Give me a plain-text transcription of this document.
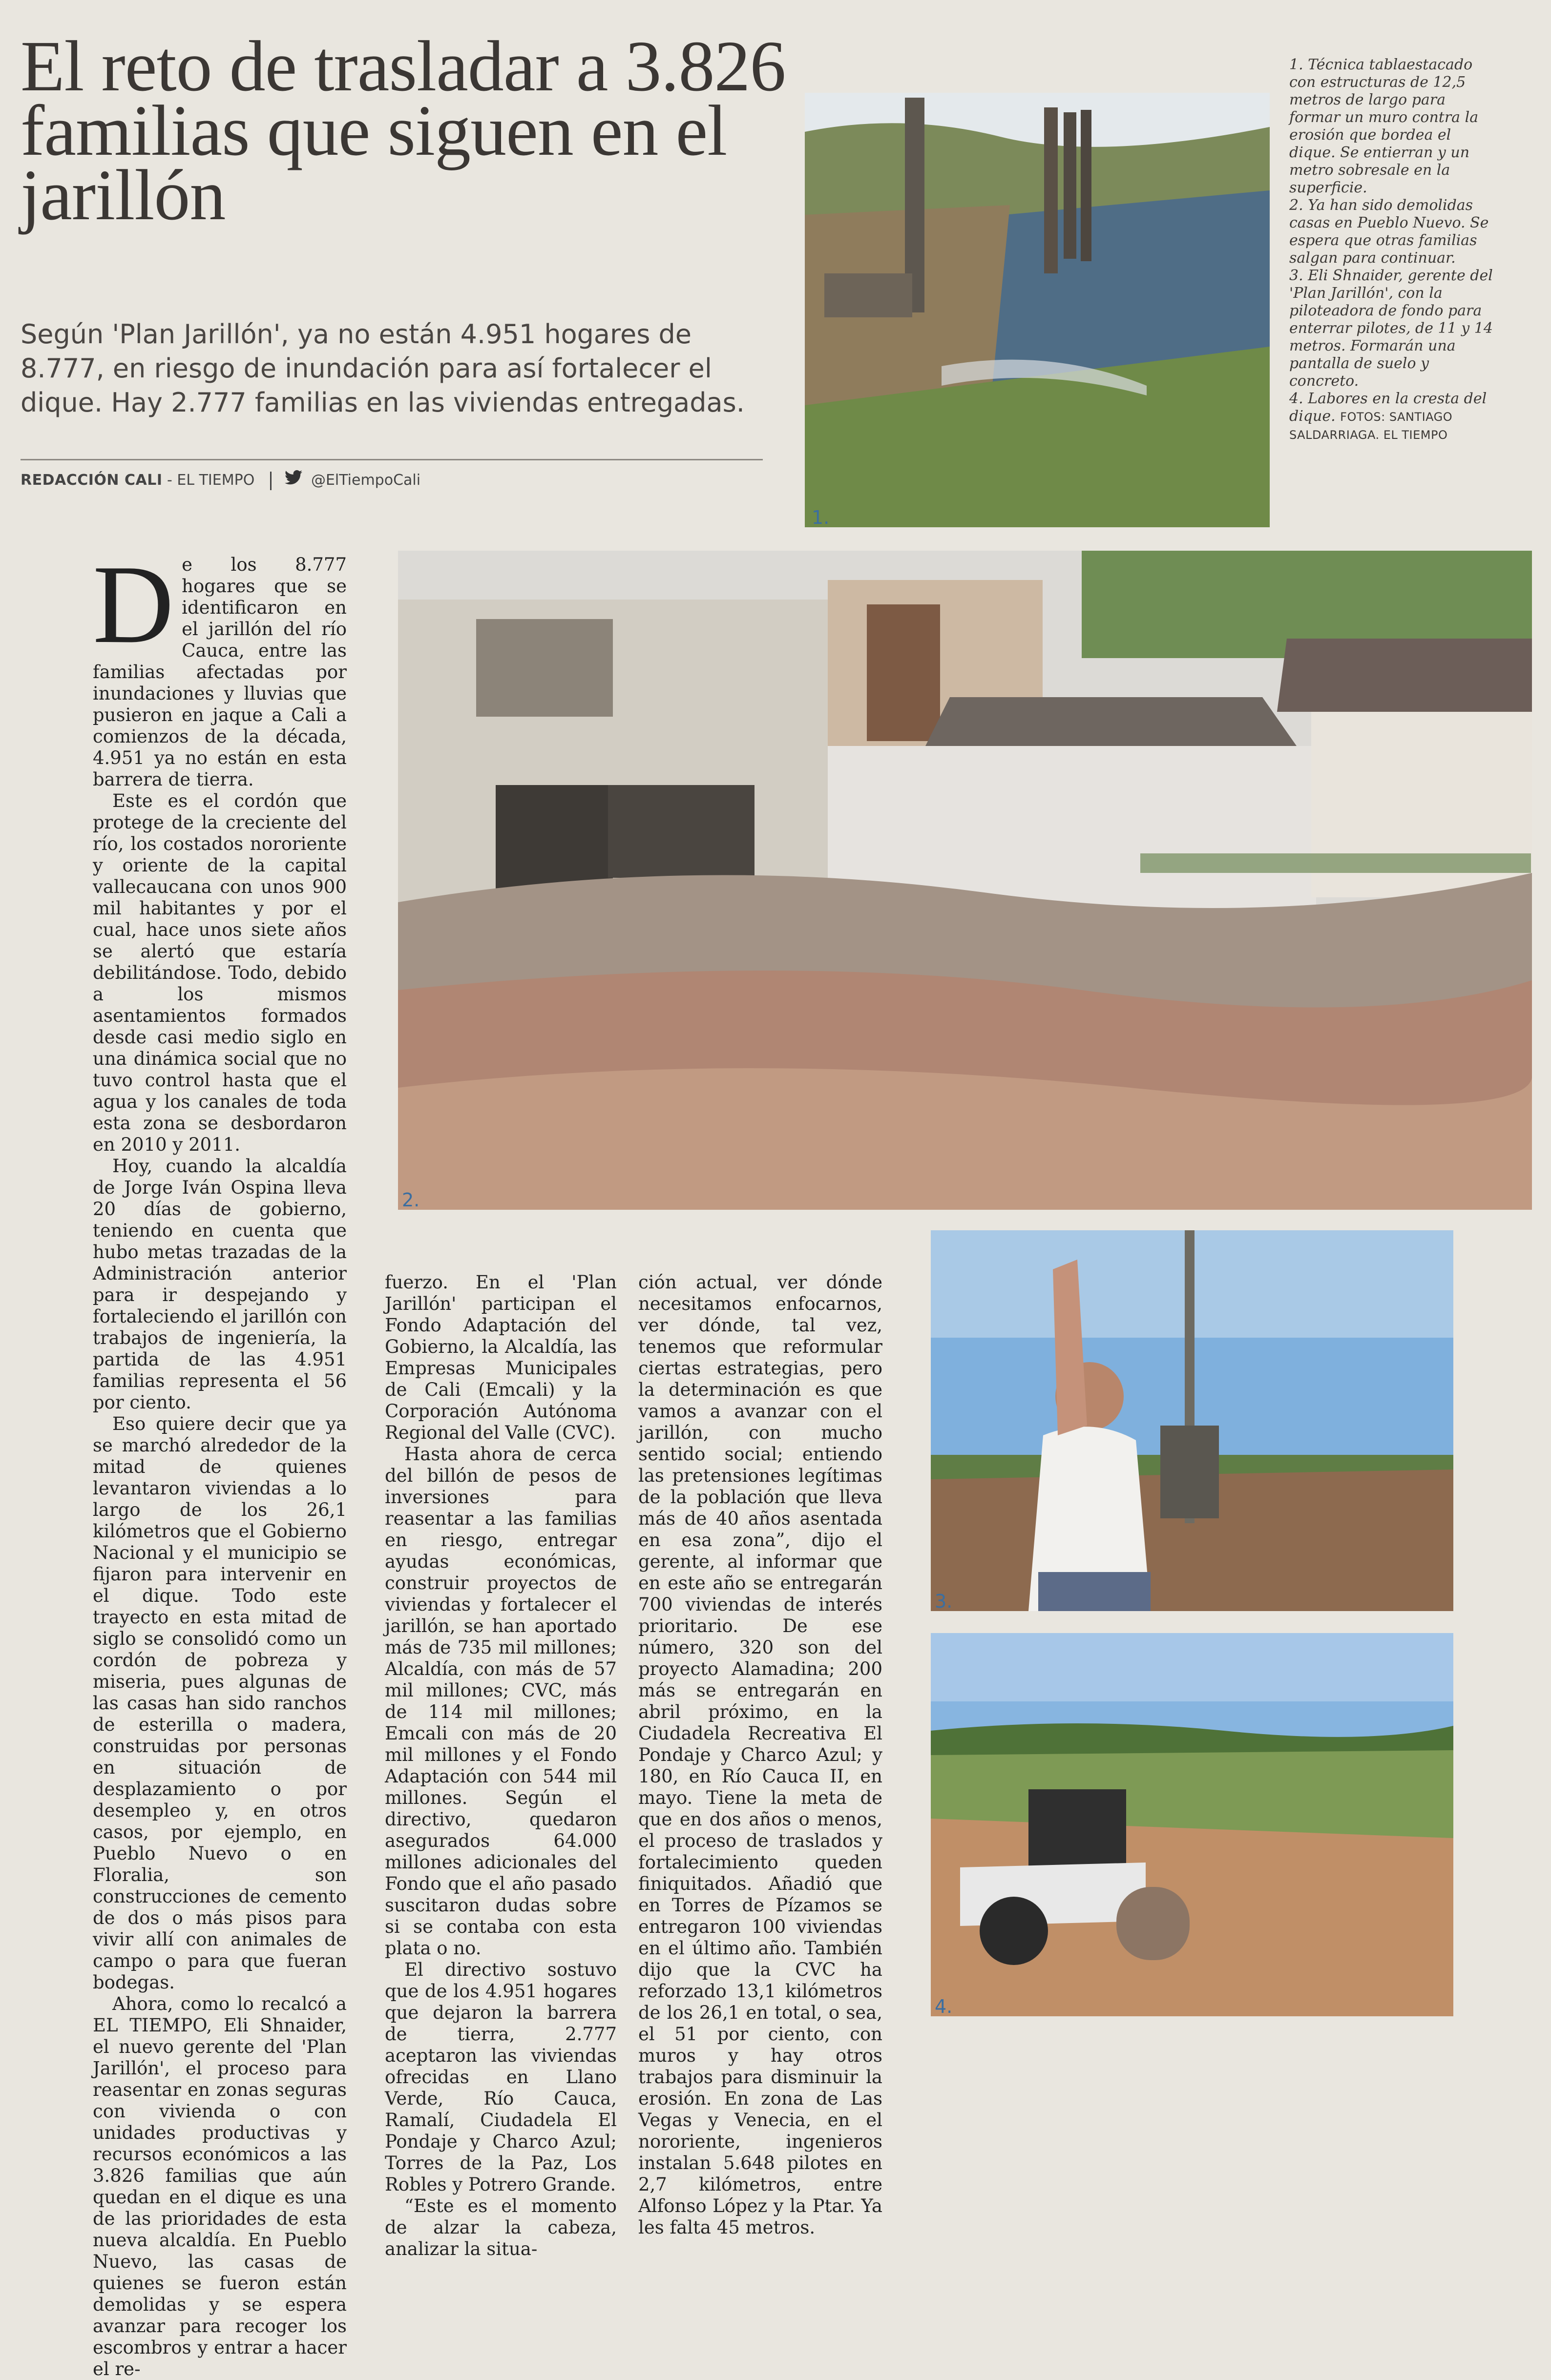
El reto de trasladar a 3.826 familias que siguen en el jarillón
Según 'Plan Jarillón', ya no están 4.951 hogares de 8.777, en riesgo de inundación para así fortalecer el dique. Hay 2.777 familias en las viviendas entregadas.
REDACCIÓN CALI - EL TIEMPO	@ElTiempoCali
1.

1. Técnica tablaestacado con estructuras de 12,5 metros de largo para formar un muro contra la erosión que bordea el dique. Se entierran y un metro sobresale en la superficie.

2. Ya han sido demolidas casas en Pueblo Nuevo. Se espera que otras familias salgan para continuar.

3. Eli Shnaider, gerente del 'Plan Jarillón', con la piloteadora de fondo para enterrar pilotes, de 11 y 14 metros. Formarán una pantalla de suelo y concreto.

4. Labores en la cresta del dique. FOTOS: SANTIAGO SALDARRIAGA. EL TIEMPO

2.
3.
4.

De los 8.777 hogares que se identificaron en el jarillón del río Cauca, entre las familias afectadas por inundaciones y lluvias que pusieron en jaque a Cali a comienzos de la década, 4.951 ya no están en esta barrera de tierra.

Este es el cordón que protege de la creciente del río, los costados nororiente y oriente de la capital vallecaucana con unos 900 mil habitantes y por el cual, hace unos siete años se alertó que estaría debilitándose. Todo, debido a los mismos asentamientos formados desde casi medio siglo en una dinámica social que no tuvo control hasta que el agua y los canales de toda esta zona se desbordaron en 2010 y 2011.

Hoy, cuando la alcaldía de Jorge Iván Ospina lleva 20 días de gobierno, teniendo en cuenta que hubo metas trazadas de la Administración anterior para ir despejando y fortaleciendo el jarillón con trabajos de ingeniería, la partida de las 4.951 familias representa el 56 por ciento.

Eso quiere decir que ya se marchó alrededor de la mitad de quienes levantaron viviendas a lo largo de los 26,1 kilómetros que el Gobierno Nacional y el municipio se fijaron para intervenir en el dique. Todo este trayecto en esta mitad de siglo se consolidó como un cordón de pobreza y miseria, pues algunas de las casas han sido ranchos de esterilla o madera, construidas por personas en situación de desplazamiento o por desempleo y, en otros casos, por ejemplo, en Pueblo Nuevo o en Floralia, son construcciones de cemento de dos o más pisos para vivir allí con animales de campo o para que fueran bodegas.

Ahora, como lo recalcó a EL TIEMPO, Eli Shnaider, el nuevo gerente del 'Plan Jarillón', el proceso para reasentar en zonas seguras con vivienda o con unidades productivas y recursos económicos a las 3.826 familias que aún quedan en el dique es una de las prioridades de esta nueva alcaldía. En Pueblo Nuevo, las casas de quienes se fueron están demolidas y se espera avanzar para recoger los escombros y entrar a hacer el re-

fuerzo. En el 'Plan Jarillón' participan el Fondo Adaptación del Gobierno, la Alcaldía, las Empresas Municipales de Cali (Emcali) y la Corporación Autónoma Regional del Valle (CVC).

Hasta ahora de cerca del billón de pesos de inversiones para reasentar a las familias en riesgo, entregar ayudas económicas, construir proyectos de viviendas y fortalecer el jarillón, se han aportado más de 735 mil millones; Alcaldía, con más de 57 mil millones; CVC, más de 114 mil millones; Emcali con más de 20 mil millones y el Fondo Adaptación con 544 mil millones. Según el directivo, quedaron asegurados 64.000 millones adicionales del Fondo que el año pasado suscitaron dudas sobre si se contaba con esta plata o no.

El directivo sostuvo que de los 4.951 hogares que dejaron la barrera de tierra, 2.777 aceptaron las viviendas ofrecidas en Llano Verde, Río Cauca, Ramalí, Ciudadela El Pondaje y Charco Azul; Torres de la Paz, Los Robles y Potrero Grande.

“Este es el momento de alzar la cabeza, analizar la situa-

ción actual, ver dónde necesitamos enfocarnos, ver dónde, tal vez, tenemos que reformular ciertas estrategias, pero la determinación es que vamos a avanzar con el jarillón, con mucho sentido social; entiendo las pretensiones legítimas de la población que lleva más de 40 años asentada en esa zona”, dijo el gerente, al informar que en este año se entregarán 700 viviendas de interés prioritario. De ese número, 320 son del proyecto Alamadina; 200 más se entregarán en abril próximo, en la Ciudadela Recreativa El Pondaje y Charco Azul; y 180, en Río Cauca II, en mayo. Tiene la meta de que en dos años o menos, el proceso de traslados y fortalecimiento queden finiquitados. Añadió que en Torres de Pízamos se entregaron 100 viviendas en el último año. También dijo que la CVC ha reforzado 13,1 kilómetros de los 26,1 en total, o sea, el 51 por ciento, con muros y hay otros trabajos para disminuir la erosión. En zona de Las Vegas y Venecia, en el nororiente, ingenieros instalan 5.648 pilotes en 2,7 kilómetros, entre Alfonso López y la Ptar. Ya les falta 45 metros.
